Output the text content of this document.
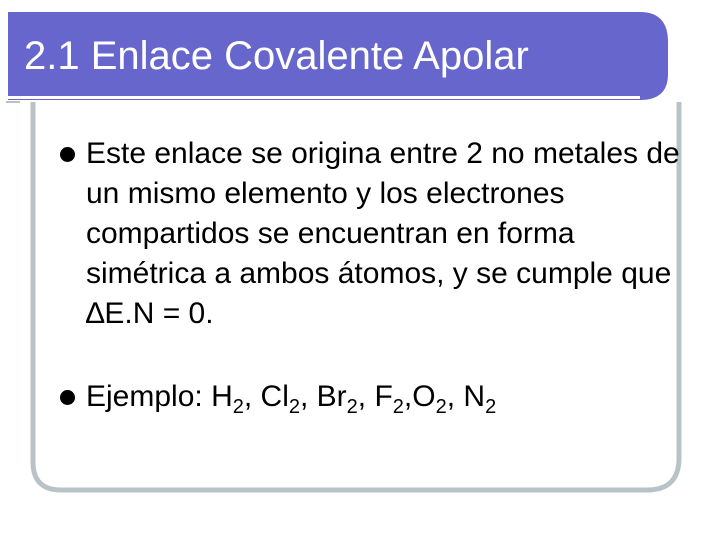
2.1 Enlace Covalente Apolar
Este enlace se origina entre 2 no metales de un mismo elemento y los electrones compartidos se encuentran en forma simétrica a ambos átomos, y se cumple que ∆E.N = 0.
Ejemplo: $H_2$, $Cl_2$, $Br_2$, $F_2,O_2$, $N_2$
